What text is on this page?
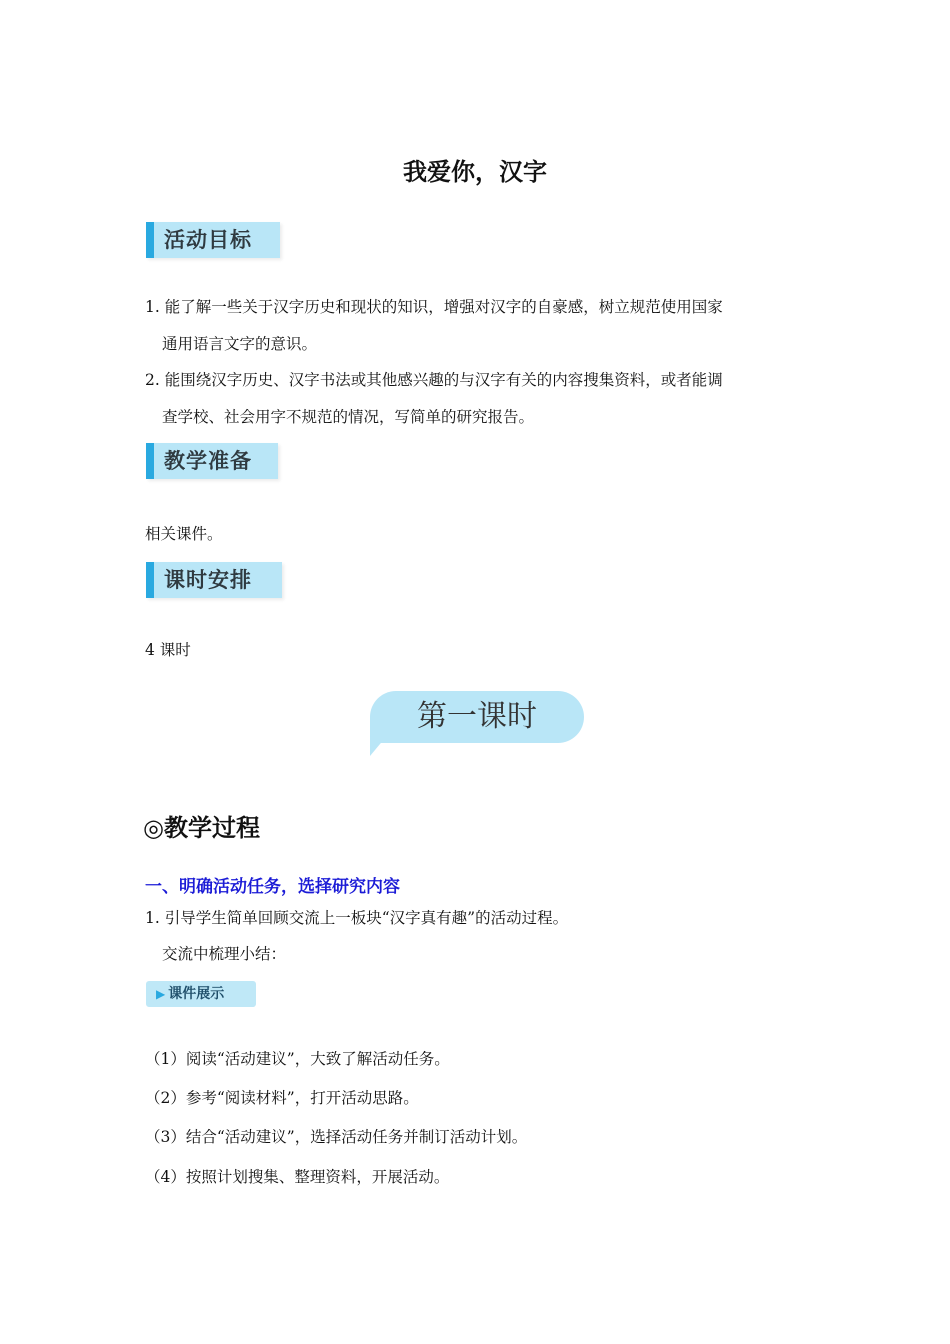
我爱你，汉字
活动目标
1. 能了解一些关于汉字历史和现状的知识，增强对汉字的自豪感，树立规范使用国家
通用语言文字的意识。
2. 能围绕汉字历史、汉字书法或其他感兴趣的与汉字有关的内容搜集资料，或者能调
查学校、社会用字不规范的情况，写简单的研究报告。
教学准备
相关课件。
课时安排
4 课时
第一课时
◎教学过程
一、明确活动任务，选择研究内容
1. 引导学生简单回顾交流上一板块“汉字真有趣”的活动过程。
交流中梳理小结：
▶ 课件展示
（1）阅读“活动建议”，大致了解活动任务。
（2）参考“阅读材料”，打开活动思路。
（3）结合“活动建议”，选择活动任务并制订活动计划。
（4）按照计划搜集、整理资料，开展活动。
